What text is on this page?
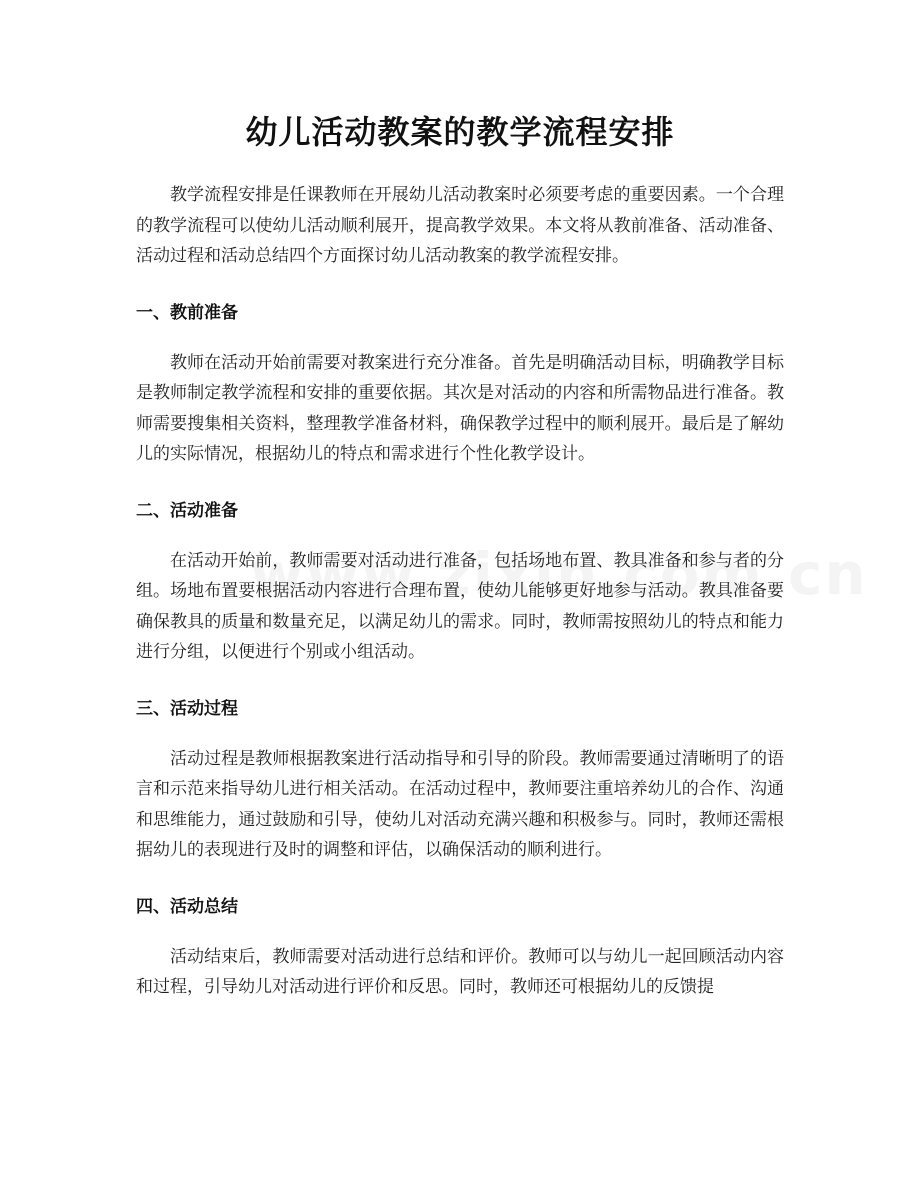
幼儿活动教案的教学流程安排

教学流程安排是任课教师在开展幼儿活动教案时必须要考虑的重要因素。一个合理的教学流程可以使幼儿活动顺利展开，提高教学效果。本文将从教前准备、活动准备、活动过程和活动总结四个方面探讨幼儿活动教案的教学流程安排。

一、教前准备

教师在活动开始前需要对教案进行充分准备。首先是明确活动目标，明确教学目标是教师制定教学流程和安排的重要依据。其次是对活动的内容和所需物品进行准备。教师需要搜集相关资料，整理教学准备材料，确保教学过程中的顺利展开。最后是了解幼儿的实际情况，根据幼儿的特点和需求进行个性化教学设计。

二、活动准备

在活动开始前，教师需要对活动进行准备，包括场地布置、教具准备和参与者的分组。场地布置要根据活动内容进行合理布置，使幼儿能够更好地参与活动。教具准备要确保教具的质量和数量充足，以满足幼儿的需求。同时，教师需按照幼儿的特点和能力进行分组，以便进行个别或小组活动。

三、活动过程

活动过程是教师根据教案进行活动指导和引导的阶段。教师需要通过清晰明了的语言和示范来指导幼儿进行相关活动。在活动过程中，教师要注重培养幼儿的合作、沟通和思维能力，通过鼓励和引导，使幼儿对活动充满兴趣和积极参与。同时，教师还需根据幼儿的表现进行及时的调整和评估，以确保活动的顺利进行。

四、活动总结

活动结束后，教师需要对活动进行总结和评价。教师可以与幼儿一起回顾活动内容和过程，引导幼儿对活动进行评价和反思。同时，教师还可根据幼儿的反馈提
